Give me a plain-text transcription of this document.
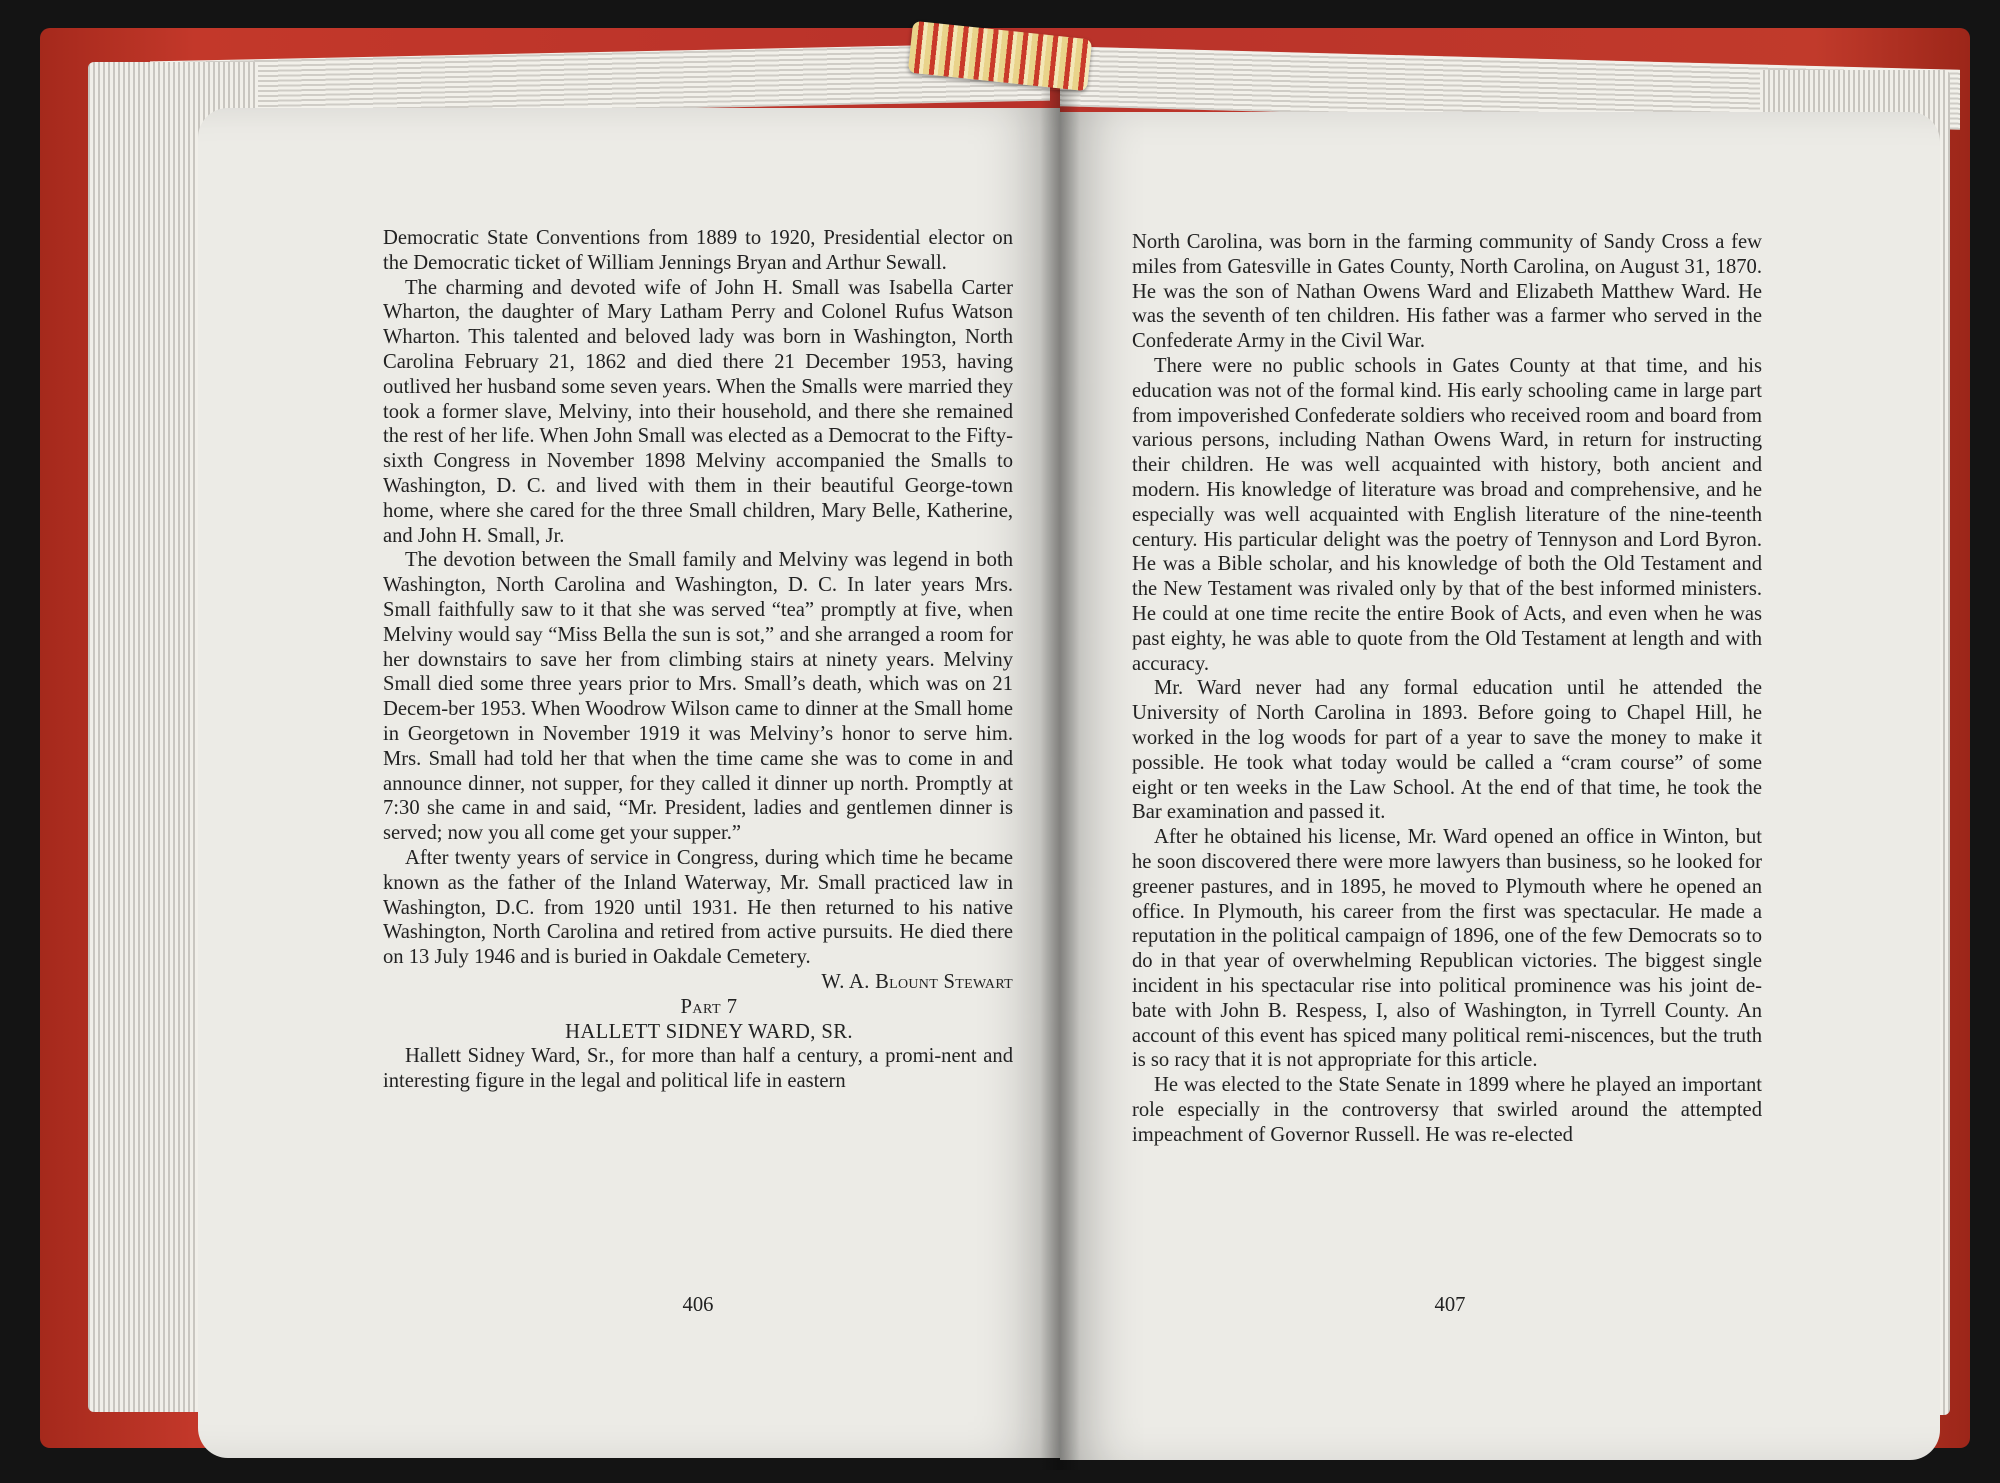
Democratic State Conventions from 1889 to 1920, Presidential elector on the Democratic ticket of William Jennings Bryan and Arthur Sewall.

The charming and devoted wife of John H. Small was Isabella Carter Wharton, the daughter of Mary Latham Perry and Colonel Rufus Watson Wharton. This talented and beloved lady was born in Washington, North Carolina February 21, 1862 and died there 21 December 1953, having outlived her husband some seven years. When the Smalls were married they took a former slave, Melviny, into their household, and there she remained the rest of her life. When John Small was elected as a Democrat to the Fifty-sixth Congress in November 1898 Melviny accompanied the Smalls to Washington, D. C. and lived with them in their beautiful George-town home, where she cared for the three Small children, Mary Belle, Katherine, and John H. Small, Jr.

The devotion between the Small family and Melviny was legend in both Washington, North Carolina and Washington, D. C. In later years Mrs. Small faithfully saw to it that she was served “tea” promptly at five, when Melviny would say “Miss Bella the sun is sot,” and she arranged a room for her downstairs to save her from climbing stairs at ninety years. Melviny Small died some three years prior to Mrs. Small’s death, which was on 21 Decem-ber 1953. When Woodrow Wilson came to dinner at the Small home in Georgetown in November 1919 it was Melviny’s honor to serve him. Mrs. Small had told her that when the time came she was to come in and announce dinner, not supper, for they called it dinner up north. Promptly at 7:30 she came in and said, “Mr. President, ladies and gentlemen dinner is served; now you all come get your supper.”

After twenty years of service in Congress, during which time he became known as the father of the Inland Waterway, Mr. Small practiced law in Washington, D.C. from 1920 until 1931. He then returned to his native Washington, North Carolina and retired from active pursuits. He died there on 13 July 1946 and is buried in Oakdale Cemetery.

W. A. Blount Stewart

Part 7

HALLETT SIDNEY WARD, SR.

Hallett Sidney Ward, Sr., for more than half a century, a promi-nent and interesting figure in the legal and political life in eastern

406

North Carolina, was born in the farming community of Sandy Cross a few miles from Gatesville in Gates County, North Carolina, on August 31, 1870. He was the son of Nathan Owens Ward and Elizabeth Matthew Ward. He was the seventh of ten children. His father was a farmer who served in the Confederate Army in the Civil War.

There were no public schools in Gates County at that time, and his education was not of the formal kind. His early schooling came in large part from impoverished Confederate soldiers who received room and board from various persons, including Nathan Owens Ward, in return for instructing their children. He was well acquainted with history, both ancient and modern. His knowledge of literature was broad and comprehensive, and he especially was well acquainted with English literature of the nine-teenth century. His particular delight was the poetry of Tennyson and Lord Byron. He was a Bible scholar, and his knowledge of both the Old Testament and the New Testament was rivaled only by that of the best informed ministers. He could at one time recite the entire Book of Acts, and even when he was past eighty, he was able to quote from the Old Testament at length and with accuracy.

Mr. Ward never had any formal education until he attended the University of North Carolina in 1893. Before going to Chapel Hill, he worked in the log woods for part of a year to save the money to make it possible. He took what today would be called a “cram course” of some eight or ten weeks in the Law School. At the end of that time, he took the Bar examination and passed it.

After he obtained his license, Mr. Ward opened an office in Winton, but he soon discovered there were more lawyers than business, so he looked for greener pastures, and in 1895, he moved to Plymouth where he opened an office. In Plymouth, his career from the first was spectacular. He made a reputation in the political campaign of 1896, one of the few Democrats so to do in that year of overwhelming Republican victories. The biggest single incident in his spectacular rise into political prominence was his joint de-bate with John B. Respess, I, also of Washington, in Tyrrell County. An account of this event has spiced many political remi-niscences, but the truth is so racy that it is not appropriate for this article.

He was elected to the State Senate in 1899 where he played an important role especially in the controversy that swirled around the attempted impeachment of Governor Russell. He was re-elected

407
